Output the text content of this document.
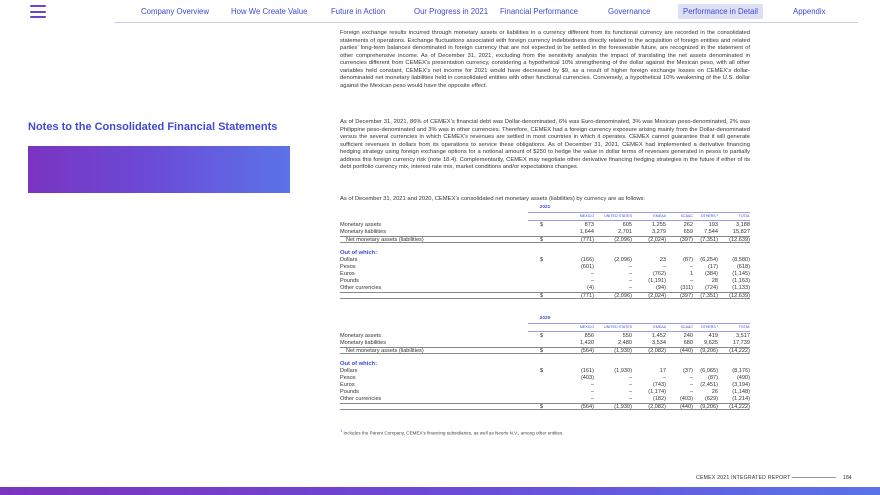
Company Overview	How We Create Value	Future in Action	Our Progress in 2021 Financial Performance	Governance	Performance in Detail	Appendix
Notes to the Consolidated Financial Statements
Foreign exchange results incurred through monetary assets or liabilities in a currency different from its functional currency are recorded in the consolidated statements of operations. Exchange fluctuations associated with foreign currency indebtedness directly related to the acquisition of foreign entities and related parties’ long-term balances denominated in foreign currency that are not expected to be settled in the foreseeable future, are recognized in the statement of other comprehensive income. As of December 31, 2021, excluding from the sensitivity analysis the impact of translating the net assets denominated in currencies different from CEMEX’s presentation currency, considering a hypothetical 10% strengthening of the dollar against the Mexican peso, with all other variables held constant, CEMEX’s net income for 2021 would have decreased by $9, as a result of higher foreign exchange losses on CEMEX’s dollar-denominated net monetary liabilities held in consolidated entities with other functional currencies. Conversely, a hypothetical 10% weakening of the U.S. dollar against the Mexican peso would have the opposite effect.
As of December 31, 2021, 86% of CEMEX’s financial debt was Dollar-denominated, 6% was Euro-denominated, 3% was Mexican peso-denominated, 2% was Philippine peso-denominated and 3% was in other currencies. Therefore, CEMEX had a foreign currency exposure arising mainly from the Dollar-denominated versus the several currencies in which CEMEX’s revenues are settled in most countries in which it operates. CEMEX cannot guarantee that it will generate sufficient revenues in dollars from its operations to service these obligations. As of December 31, 2021, CEMEX had implemented a derivative financing hedging strategy using foreign exchange options for a notional amount of $250 to hedge the value in dollar terms of revenues generated in pesos to partially address this foreign currency risk (note 18.4). Complementarily, CEMEX may negotiate other derivative financing hedging strategies in the future if either of its debt portfolio currency mix, interest rate mix, market conditions and/or expectations changes.
As of December 31, 2021 and 2020, CEMEX’s consolidated net monetary assets (liabilities) by currency are as follows:
2021
MEXICO	UNITED STATES	EMEAA	SCA&C	OTHERS ¹	TOTAL
Monetary assets	$	873	605	1,255	262	193	3,188
Monetary liabilities	1,644	2,701	3,279	659	7,544	15,827
Net monetary assets (liabilities)	$	(771)	(2,096)	(2,024)	(397)	(7,351)	(12,639)
Out of which:
Dollars	$	(166)	(2,096)	23	(87)	(6,254)	(8,580)
Pesos	(601)	–	–	–	(17)	(618)
Euros	–	–	(762)	1	(384)	(1,145)
Pounds	–	–	(1,191)	–	28	(1,163)
Other currencies	(4)	–	(94)	(311)	(724)	(1,133)
$	(771)	(2,096)	(2,024)	(397)	(7,351)	(12,639)
2020
MEXICO	UNITED STATES	EMEAA	SCA&C	OTHERS ¹	TOTAL
Monetary assets	$	856	550	1,452	240	419	3,517
Monetary liabilities	1,420	2,480	3,534	680	9,625	17,739
Net monetary assets (liabilities)	$	(564)	(1,930)	(2,082)	(440)	(9,206)	(14,222)
Out of which:
Dollars	$	(161)	(1,930)	17	(37)	(6,065)	(8,176)
Pesos	(403)	–	–	–	(87)	(490)
Euros	–	–	(743)	–	(2,451)	(3,194)
Pounds	–	–	(1,174)	–	26	(1,148)
Other currencies	–	–	(182)	(403)	(629)	(1,214)
$	(564)	(1,930)	(2,082)	(440)	(9,206)	(14,222)
$^1$ Includes the Parent Company, CEMEX’s financing subsidiaries, as well as Neoris N.V., among other entities.
CEMEX 2021 INTEGRATED REPORT	184
